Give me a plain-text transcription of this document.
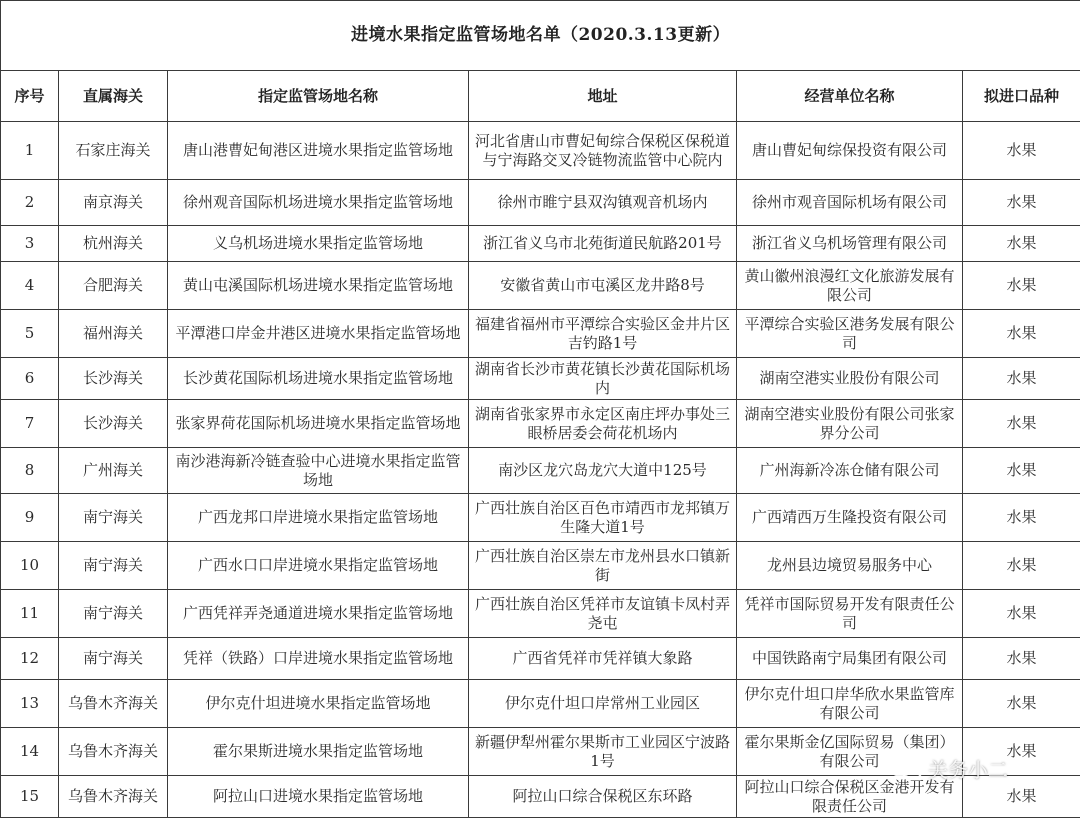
进境水果指定监管场地名单（2020.3.13更新）					
序号	直属海关	指定监管场地名称	地址	经营单位名称	拟进口品种
1	石家庄海关	唐山港曹妃甸港区进境水果指定监管场地	河北省唐山市曹妃甸综合保税区保税道与宁海路交叉冷链物流监管中心院内	唐山曹妃甸综保投资有限公司	水果
2	南京海关	徐州观音国际机场进境水果指定监管场地	徐州市睢宁县双沟镇观音机场内	徐州市观音国际机场有限公司	水果
3	杭州海关	义乌机场进境水果指定监管场地	浙江省义乌市北苑街道民航路201号	浙江省义乌机场管理有限公司	水果
4	合肥海关	黄山屯溪国际机场进境水果指定监管场地	安徽省黄山市屯溪区龙井路8号	黄山徽州浪漫红文化旅游发展有限公司	水果
5	福州海关	平潭港口岸金井港区进境水果指定监管场地	福建省福州市平潭综合实验区金井片区吉钓路1号	平潭综合实验区港务发展有限公司	水果
6	长沙海关	长沙黄花国际机场进境水果指定监管场地	湖南省长沙市黄花镇长沙黄花国际机场内	湖南空港实业股份有限公司	水果
7	长沙海关	张家界荷花国际机场进境水果指定监管场地	湖南省张家界市永定区南庄坪办事处三眼桥居委会荷花机场内	湖南空港实业股份有限公司张家界分公司	水果
8	广州海关	南沙港海新冷链查验中心进境水果指定监管场地	南沙区龙穴岛龙穴大道中125号	广州海新冷冻仓储有限公司	水果
9	南宁海关	广西龙邦口岸进境水果指定监管场地	广西壮族自治区百色市靖西市龙邦镇万生隆大道1号	广西靖西万生隆投资有限公司	水果
10	南宁海关	广西水口口岸进境水果指定监管场地	广西壮族自治区崇左市龙州县水口镇新街	龙州县边境贸易服务中心	水果
11	南宁海关	广西凭祥弄尧通道进境水果指定监管场地	广西壮族自治区凭祥市友谊镇卡凤村弄尧屯	凭祥市国际贸易开发有限责任公司	水果
12	南宁海关	凭祥（铁路）口岸进境水果指定监管场地	广西省凭祥市凭祥镇大象路	中国铁路南宁局集团有限公司	水果
13	乌鲁木齐海关	伊尔克什坦进境水果指定监管场地	伊尔克什坦口岸常州工业园区	伊尔克什坦口岸华欣水果监管库有限公司	水果
14	乌鲁木齐海关	霍尔果斯进境水果指定监管场地	新疆伊犁州霍尔果斯市工业园区宁波路1号	霍尔果斯金亿国际贸易（集团）有限公司	水果
15	乌鲁木齐海关	阿拉山口进境水果指定监管场地	阿拉山口综合保税区东环路	阿拉山口综合保税区金港开发有限责任公司	水果
关务小二
